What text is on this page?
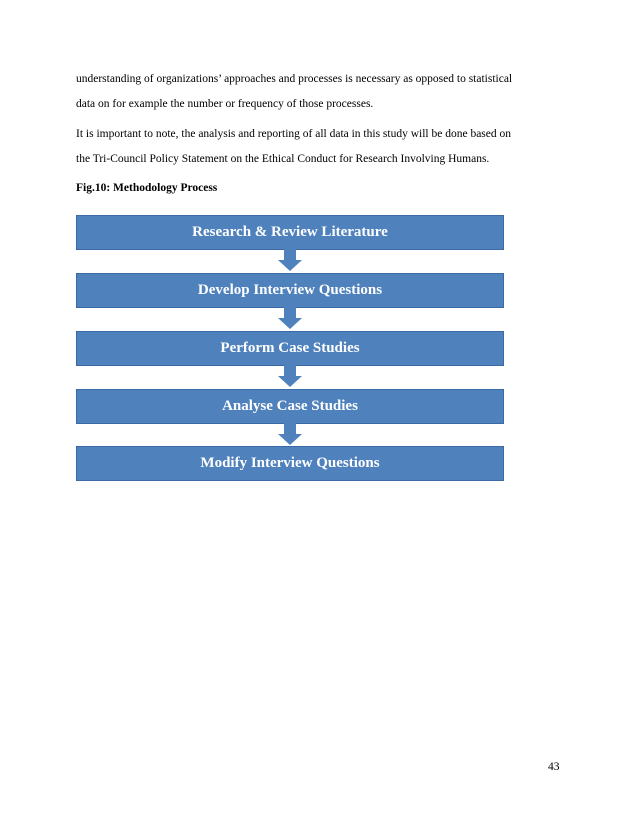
understanding of organizations’ approaches and processes is necessary as opposed to statistical
data on for example the number or frequency of those processes.

It is important to note, the analysis and reporting of all data in this study will be done based on
the Tri-Council Policy Statement on the Ethical Conduct for Research Involving Humans.

Fig.10: Methodology Process

Research & Review Literature
Develop Interview Questions
Perform Case Studies
Analyse Case Studies
Modify Interview Questions
43
